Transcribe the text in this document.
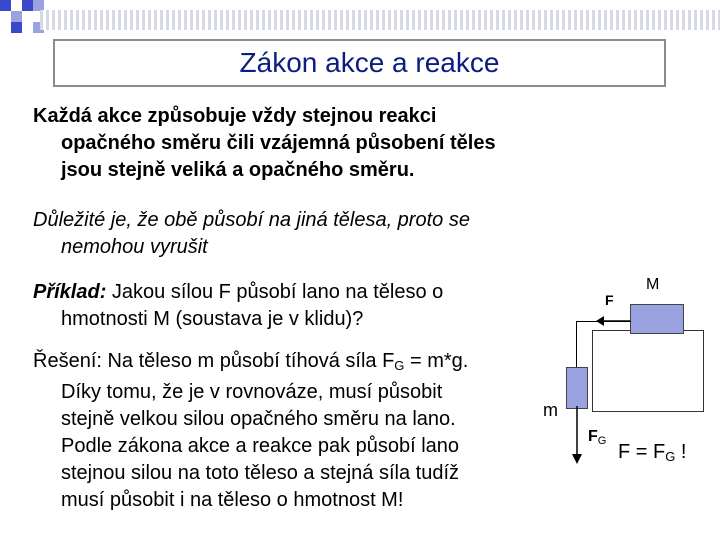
Zákon akce a reakce
Každá akce způsobuje vždy stejnou reakci
opačného směru čili vzájemná působení těles
jsou stejně veliká a opačného směru.
Důležité je, že obě působí na jiná tělesa, proto se
nemohou vyrušit
Příklad: Jakou sílou F působí lano na těleso o
hmotnosti M (soustava je v klidu)?
Řešení: Na těleso m působí tíhová síla $F_G = m*g$.
Díky tomu, že je v rovnováze, musí působit
stejně velkou silou opačného směru na lano.
Podle zákona akce a reakce pak působí lano
stejnou silou na toto těleso a stejná síla tudíž
musí působit i na těleso o hmotnost M!
M
F
m
$F_G$ $F = F_G$ !
